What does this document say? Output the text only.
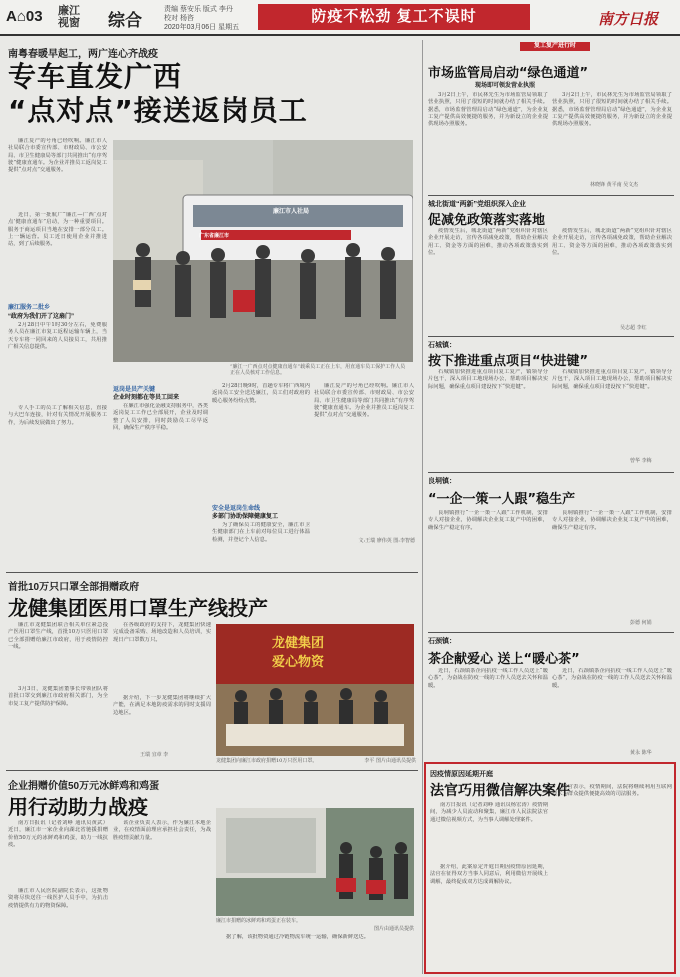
A⌂03 廉江
视窗 综合
责编 蔡安乐 版式 李丹
校对 杨咨
2020年03月06日 星期五
防疫不松劲 复工不误时	南方日报
南粤春暖早起工，两广连心齐战疫
专车直发广西
“点对点”接送返岗员工
廉江复产的号角已经吹响。廉江市人社局联合市委宣传部、市财政局、市公安局、市卫生健康局等部门共同推出“有序驾驶”健康直通车。为企业并推员工返岗复工提供“点对点”交通服务。
近日，第一批航广“廉江—广西‘点对点’健康直通车”启动，为一种重要项目。服务于商运项目当地在安排一部分员工。上一辆运营。员工近日使用企业并推进站，到了后续服务。
廉江服务二批乡
“政府为我们开了这扇门”
2月28日中午1时30分左右，免费服务人员在廉江市复工返程运输车辆上，当天专车将一同回来的人员接员工，共用推广相关信息提供。
专人手工的员工了解相关信息，直接与大巴车连接，针对有关情况开展服务工作，为后续发展做出了努力。
广东省廉江市
廉江市人社局
“廉江一广西点对点健康直通车”载乘员工正在上车，用直通车员工保护工作人员正在人员核对工作信息。
返岗是员产关键
企业时刻都在等员工回来
在廉江市强化金融支持服务中，各类返岗复工工作已全部展开，企业及时调整了人员安排，同时鼓励员工尽早返回，确保生产秩序平稳。
2月28日晚9时，首趟专车将广西境内返岗员工安全送达廉江，员工们对政府的暖心服务纷纷点赞。
安全是返岗生命线
多部门协助保障健康复工
为了确保员工的健康安全，廉江市卫生健康部门在上车前对每位员工进行体温检测，并登记个人信息。
廉江复产的号角已经吹响。廉江市人社局联合市委宣传部、市财政局、市公安局、市卫生健康局等部门共同推出“有序驾驶”健康直通车。为企业并推员工返岗复工提供“点对点”交通服务。
文:王瑞 廖伟英 图:李智德
首批10万只口罩全部捐赠政府
龙健集团医用口罩生产线投产
廉江市龙健集团联合相关单位紧急投产医用口罩生产线，首批10万只医用口罩已全部捐赠给廉江市政府，用于疫情防控一线。
3月3日，龙健集团董事长带领团队将首批口罩交到廉江市政府相关部门，为全市复工复产提供防护保障。
在各级政府的支持下，龙健集团快速完成设备采购、场地改造和人员培训，实现日产口罩数万只。
据介绍，下一步龙健集团将继续扩大产能，在满足本地防疫需求的同时支援周边地区。
王瑞 宜章 李
龙健集团
爱心物资
龙健集团向廉江市政府捐赠10万只医用口罩。	李平 图片由通讯员提供
企业捐赠价值50万元冰鲜鸡和鸡蛋
用行动助力战疫
南方日报讯（记者刘峥 通讯员黄武）近日，廉江市一家企业向湖北省驰援捐赠价值50万元的冰鲜鸡和鸡蛋，助力一线抗疫。
廉江市人民医院副院长表示，这批物资将尽快送往一线医护人员手中，为抗击疫情提供有力的物资保障。
该企业负责人表示，作为廉江本地企业，在疫情面前理应承担社会责任，为战胜疫情贡献力量。
廉江市捐赠的冰鲜鸡和鸡蛋正在装车。
图片由通讯员提供
据了解，该批物资通过冷链物流车统一运输，确保新鲜送达。
复工复产进行时
市场监管局启动“绿色通道”
现场即可领发营业执照
3月2日上午，市民林先生为市场监管局领取了营业执照，只用了很短的时间就办结了相关手续。据悉，市场监督管理局启动“绿色通道”，为企业复工复产提供高效便捷的服务，并为新设立的企业提供现场办照服务。
3月2日上午，市民林先生为市场监管局领取了营业执照，只用了很短的时间就办结了相关手续。据悉，市场监督管理局启动“绿色通道”，为企业复工复产提供高效便捷的服务，并为新设立的企业提供现场办照服务。
林晓锋 黄平南 吴文杰
城北街道“两新”党组织深入企业
促减免政策落实落地
疫情发生后，城北街道“两新”党组织针对辖区企业开展走访，宣传各项减免政策，帮助企业解决用工、资金等方面的困难，推动各项政策落实到位。
疫情发生后，城北街道“两新”党组织针对辖区企业开展走访，宣传各项减免政策，帮助企业解决用工、资金等方面的困难，推动各项政策落实到位。
吴志超 李红
石城镇：
按下推进重点项目“快进键”
石城镇加快推进重点项目复工复产，镇领导分片包干，深入项目工地现场办公，帮助项目解决实际问题，确保重点项目建设按下“快进键”。
石城镇加快推进重点项目复工复产，镇领导分片包干，深入项目工地现场办公，帮助项目解决实际问题，确保重点项目建设按下“快进键”。
曾华 李梅
良垌镇：
“一企一策一人跟”稳生产
良垌镇推行“一企一策一人跟”工作机制，安排专人对接企业，协调解决企业复工复产中的困难，确保生产稳定有序。
良垌镇推行“一企一策一人跟”工作机制，安排专人对接企业，协调解决企业复工复产中的困难，确保生产稳定有序。
彭德 何娟
石颈镇：
茶企献爱心 送上“暖心茶”
近日，石颈镇茶企向抗疫一线工作人员送上“暖心茶”，为奋战在防疫一线的工作人员送去关怀和温暖。
近日，石颈镇茶企向抗疫一线工作人员送上“暖心茶”，为奋战在防疫一线的工作人员送去关怀和温暖。
黄永 陈华
因疫情原因延期开庭
法官巧用微信解决案件
南方日报讯（记者刘峥 通讯员杨宏涛）疫情期间，为减少人员流动和聚集，廉江市人民法院法官通过微信视频方式，为当事人调解处理案件。
据介绍，此案原定开庭日期因疫情原因延期，法官在征得双方当事人同意后，利用微信开展线上调解，最终促成双方达成调解协议。
法官表示，疫情期间，法院将继续利用互联网技术为群众提供便捷高效的司法服务。
